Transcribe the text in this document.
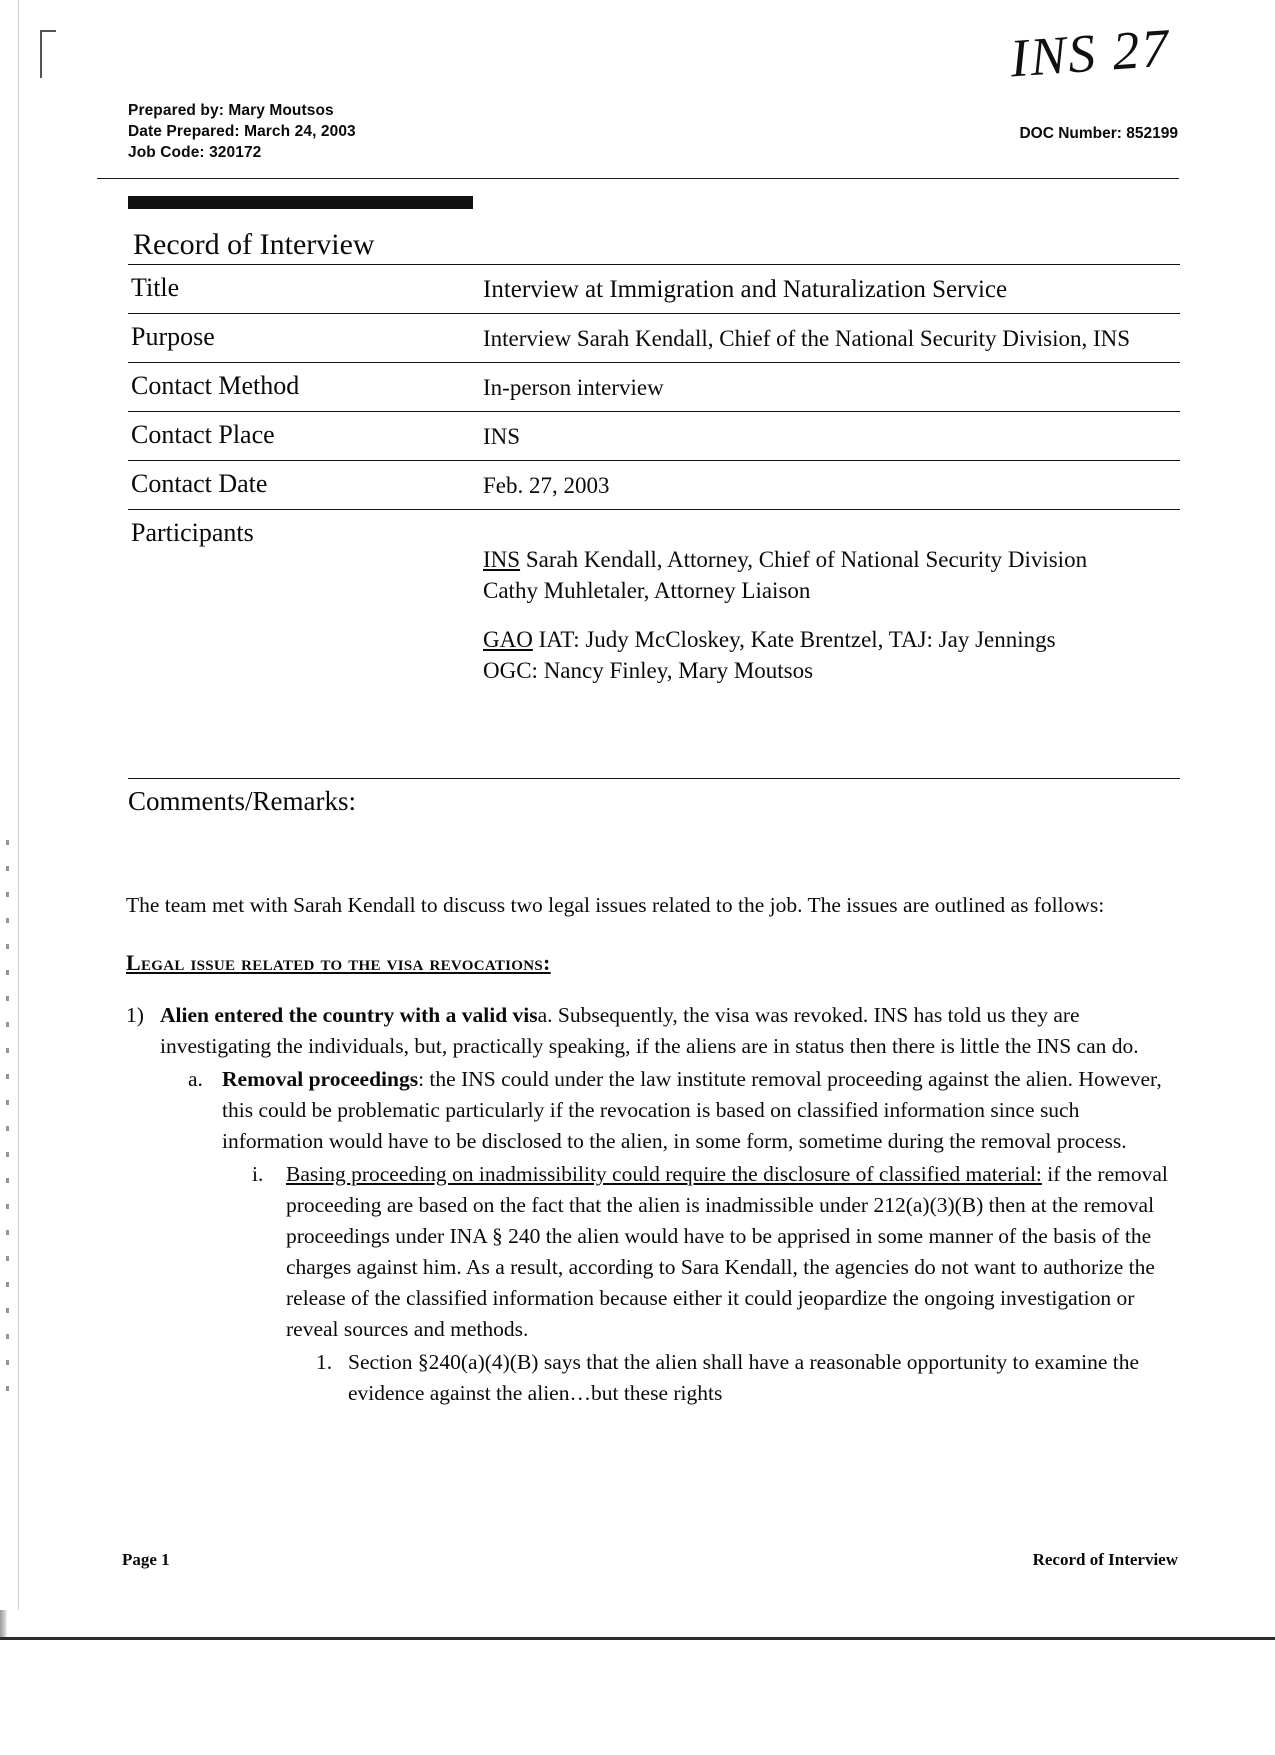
Prepared by: Mary Moutsos
Date Prepared: March 24, 2003
Job Code: 320172
DOC Number: 852199
INS 27
Record of Interview
Title	Interview at Immigration and Naturalization Service
Purpose	Interview Sarah Kendall, Chief of the National Security Division, INS
Contact Method	In-person interview
Contact Place	INS
Contact Date	Feb. 27, 2003
Participants
INS Sarah Kendall, Attorney, Chief of National Security Division
Cathy Muhletaler, Attorney Liaison
GAO IAT: Judy McCloskey, Kate Brentzel, TAJ: Jay Jennings
OGC: Nancy Finley, Mary Moutsos
Comments/Remarks:
The team met with Sarah Kendall to discuss two legal issues related to the job. The issues are outlined as follows:
Legal issue related to the visa revocations:
1) Alien entered the country with a valid visa. Subsequently, the visa was revoked. INS has told us they are investigating the individuals, but, practically speaking, if the aliens are in status then there is little the INS can do.
a. Removal proceedings: the INS could under the law institute removal proceeding against the alien. However, this could be problematic particularly if the revocation is based on classified information since such information would have to be disclosed to the alien, in some form, sometime during the removal process.
i.	Basing proceeding on inadmissibility could require the disclosure of classified material: if the removal proceeding are based on the fact that the alien is inadmissible under 212(a)(3)(B) then at the removal proceedings under INA § 240 the alien would have to be apprised in some manner of the basis of the charges against him. As a result, according to Sara Kendall, the agencies do not want to authorize the release of the classified information because either it could jeopardize the ongoing investigation or reveal sources and methods.
1. Section §240(a)(4)(B) says that the alien shall have a reasonable opportunity to examine the evidence against the alien…but these rights
Page 1	Record of Interview
